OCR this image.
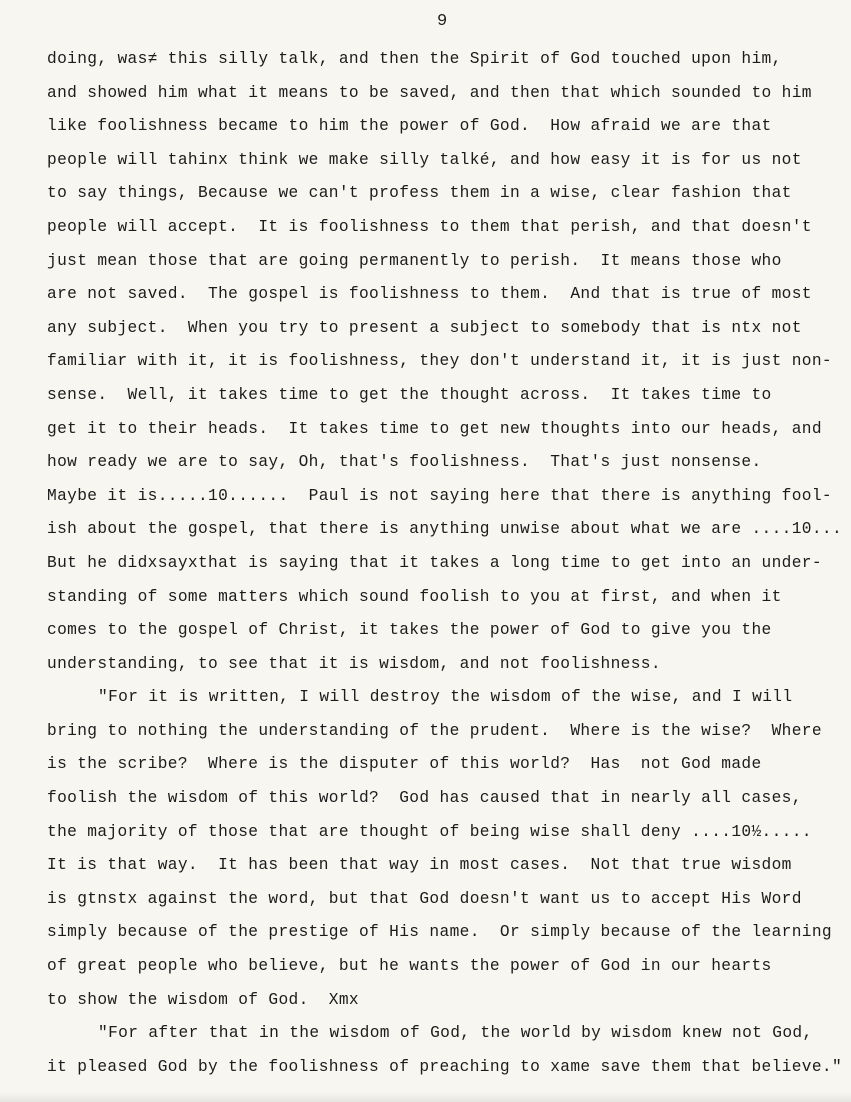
9
doing, was≠ this silly talk, and then the Spirit of God touched upon him,
and showed him what it means to be saved, and then that which sounded to him
like foolishness became to him the power of God.  How afraid we are that
people will tahinx think we make silly talké, and how easy it is for us not
to say things, Because we can't profess them in a wise, clear fashion that
people will accept.  It is foolishness to them that perish, and that doesn't
just mean those that are going permanently to perish.  It means those who
are not saved.  The gospel is foolishness to them.  And that is true of most
any subject.  When you try to present a subject to somebody that is ntx not
familiar with it, it is foolishness, they don't understand it, it is just non-
sense.  Well, it takes time to get the thought across.  It takes time to
get it to their heads.  It takes time to get new thoughts into our heads, and
how ready we are to say, Oh, that's foolishness.  That's just nonsense.
Maybe it is.....10......  Paul is not saying here that there is anything fool-
ish about the gospel, that there is anything unwise about what we are ....10...
But he didxsayxthat is saying that it takes a long time to get into an under-
standing of some matters which sound foolish to you at first, and when it
comes to the gospel of Christ, it takes the power of God to give you the
understanding, to see that it is wisdom, and not foolishness.
"For it is written, I will destroy the wisdom of the wise, and I will
bring to nothing the understanding of the prudent.  Where is the wise?  Where
is the scribe?  Where is the disputer of this world?  Has  not God made
foolish the wisdom of this world?  God has caused that in nearly all cases,
the majority of those that are thought of being wise shall deny ....10½.....
It is that way.  It has been that way in most cases.  Not that true wisdom
is gtnstx against the word, but that God doesn't want us to accept His Word
simply because of the prestige of His name.  Or simply because of the learning
of great people who believe, but he wants the power of God in our hearts
to show the wisdom of God.  Xmx
"For after that in the wisdom of God, the world by wisdom knew not God,
it pleased God by the foolishness of preaching to xame save them that believe."
